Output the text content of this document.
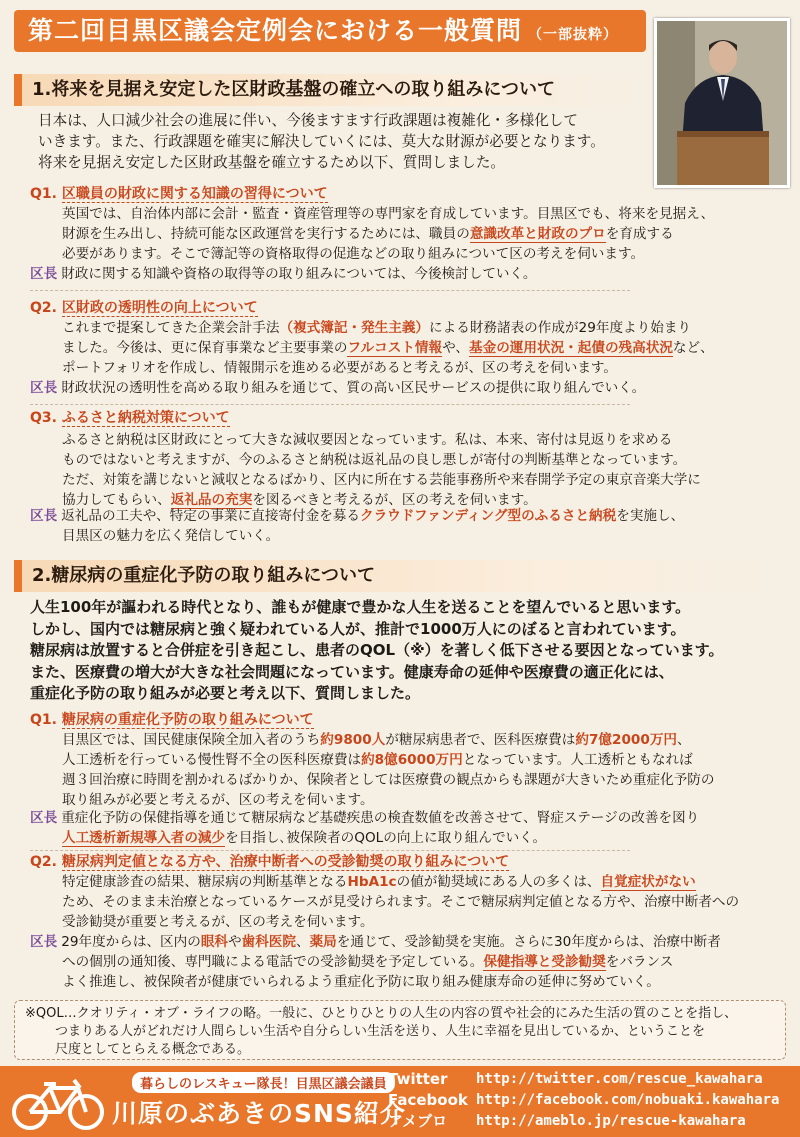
第二回目黒区議会定例会における一般質問 （一部抜粋）
1.将来を見据え安定した区財政基盤の確立への取り組みについて
日本は、人口減少社会の進展に伴い、今後ますます行政課題は複雑化・多様化して
いきます。また、行政課題を確実に解決していくには、莫大な財源が必要となります。
将来を見据え安定した区財政基盤を確立するため以下、質問しました。
Q1. 区職員の財政に関する知識の習得について
英国では、自治体内部に会計・監査・資産管理等の専門家を育成しています。目黒区でも、将来を見据え、
財源を生み出し、持続可能な区政運営を実行するためには、職員の意識改革と財政のプロを育成する
必要があります。そこで簿記等の資格取得の促進などの取り組みについて区の考えを伺います。
区長 財政に関する知識や資格の取得等の取り組みについては、今後検討していく。
Q2. 区財政の透明性の向上について
これまで提案してきた企業会計手法（複式簿記・発生主義）による財務諸表の作成が29年度より始まり
ました。今後は、更に保育事業など主要事業のフルコスト情報や、基金の運用状況・起債の残高状況など、
ポートフォリオを作成し、情報開示を進める必要があると考えるが、区の考えを伺います。
区長 財政状況の透明性を高める取り組みを通じて、質の高い区民サービスの提供に取り組んでいく。
Q3. ふるさと納税対策について
ふるさと納税は区財政にとって大きな減収要因となっています。私は、本来、寄付は見返りを求める
ものではないと考えますが、今のふるさと納税は返礼品の良し悪しが寄付の判断基準となっています。
ただ、対策を講じないと減収となるばかり、区内に所在する芸能事務所や来春開学予定の東京音楽大学に
協力してもらい、返礼品の充実を図るべきと考えるが、区の考えを伺います。
区長 返礼品の工夫や、特定の事業に直接寄付金を募るクラウドファンディング型のふるさと納税を実施し、
目黒区の魅力を広く発信していく。
2.糖尿病の重症化予防の取り組みについて
人生100年が謳われる時代となり、誰もが健康で豊かな人生を送ることを望んでいると思います。
しかし、国内では糖尿病と強く疑われている人が、推計で1000万人にのぼると言われています。
糖尿病は放置すると合併症を引き起こし、患者のQOL（※）を著しく低下させる要因となっています。
また、医療費の増大が大きな社会問題になっています。健康寿命の延伸や医療費の適正化には、
重症化予防の取り組みが必要と考え以下、質問しました。
Q1. 糖尿病の重症化予防の取り組みについて
目黒区では、国民健康保険全加入者のうち約9800人が糖尿病患者で、医科医療費は約7億2000万円、
人工透析を行っている慢性腎不全の医科医療費は約8億6000万円となっています。人工透析ともなれば
週３回治療に時間を割かれるばかりか、保険者としては医療費の観点からも課題が大きいため重症化予防の
取り組みが必要と考えるが、区の考えを伺います。
区長 重症化予防の保健指導を通じて糖尿病など基礎疾患の検査数値を改善させて、腎症ステージの改善を図り
人工透析新規導入者の減少を目指し､被保険者のQOLの向上に取り組んでいく。
Q2. 糖尿病判定値となる方や、治療中断者への受診勧奨の取り組みについて
特定健康診査の結果、糖尿病の判断基準となるHbA1cの値が勧奨域にある人の多くは、自覚症状がない
ため、そのまま未治療となっているケースが見受けられます。そこで糖尿病判定値となる方や、治療中断者への
受診勧奨が重要と考えるが、区の考えを伺います。
区長 29年度からは、区内の眼科や歯科医院、薬局を通じて、受診勧奨を実施。さらに30年度からは、治療中断者
への個別の通知後、専門職による電話での受診勧奨を予定している。保健指導と受診勧奨をバランス
よく推進し、被保険者が健康でいられるよう重症化予防に取り組み健康寿命の延伸に努めていく。
※QOL…クオリティ・オブ・ライフの略。一般に、ひとりひとりの人生の内容の質や社会的にみた生活の質のことを指し、
つまりある人がどれだけ人間らしい生活や自分らしい生活を送り、人生に幸福を見出しているか、ということを
尺度としてとらえる概念である。
暮らしのレスキュー隊長！目黒区議会議員
川原のぶあきのSNS紹介
Twitter	http://twitter.com/rescue_kawahara
Facebook http://facebook.com/nobuaki.kawahara
アメブロ	http://ameblo.jp/rescue-kawahara
